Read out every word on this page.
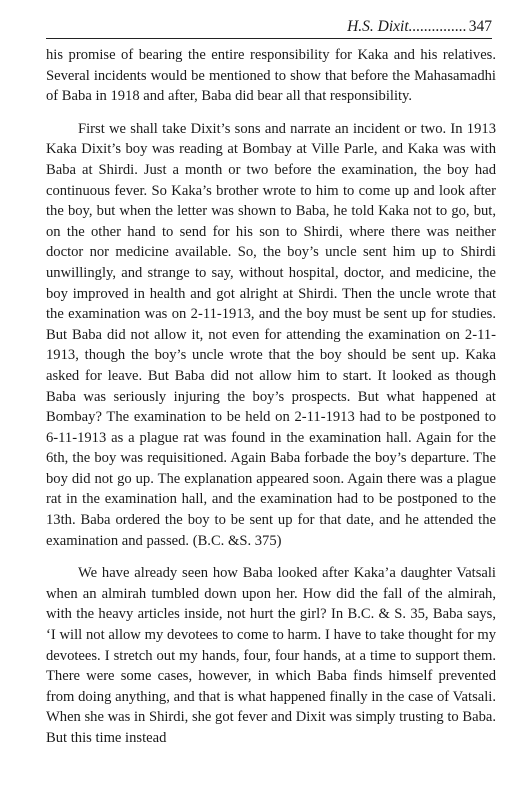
H.S. Dixit............... 347

his promise of bearing the entire responsibility for Kaka and his relatives. Several incidents would be mentioned to show that before the Mahasamadhi of Baba in 1918 and after, Baba did bear all that responsibility.

First we shall take Dixit’s sons and narrate an incident or two. In 1913 Kaka Dixit’s boy was reading at Bombay at Ville Parle, and Kaka was with Baba at Shirdi. Just a month or two before the examination, the boy had continuous fever. So Kaka’s brother wrote to him to come up and look after the boy, but when the letter was shown to Baba, he told Kaka not to go, but, on the other hand to send for his son to Shirdi, where there was neither doctor nor medicine available. So, the boy’s uncle sent him up to Shirdi unwillingly, and strange to say, without hospital, doctor, and medicine, the boy improved in health and got alright at Shirdi. Then the uncle wrote that the examination was on 2-11-1913, and the boy must be sent up for studies. But Baba did not allow it, not even for attending the examination on 2-11-1913, though the boy’s uncle wrote that the boy should be sent up. Kaka asked for leave. But Baba did not allow him to start. It looked as though Baba was seriously injuring the boy’s prospects. But what happened at Bombay? The examination to be held on 2-11-1913 had to be postponed to 6-11-1913 as a plague rat was found in the examination hall. Again for the 6th, the boy was requisitioned. Again Baba forbade the boy’s departure. The boy did not go up. The explanation appeared soon. Again there was a plague rat in the examination hall, and the examination had to be postponed to the 13th. Baba ordered the boy to be sent up for that date, and he attended the examination and passed. (B.C. &S. 375)

We have already seen how Baba looked after Kaka’a daughter Vatsali when an almirah tumbled down upon her. How did the fall of the almirah, with the heavy articles inside, not hurt the girl? In B.C. & S. 35, Baba says, ‘I will not allow my devotees to come to harm. I have to take thought for my devotees. I stretch out my hands, four, four hands, at a time to support them. There were some cases, however, in which Baba finds himself prevented from doing anything, and that is what happened finally in the case of Vatsali. When she was in Shirdi, she got fever and Dixit was simply trusting to Baba. But this time instead
